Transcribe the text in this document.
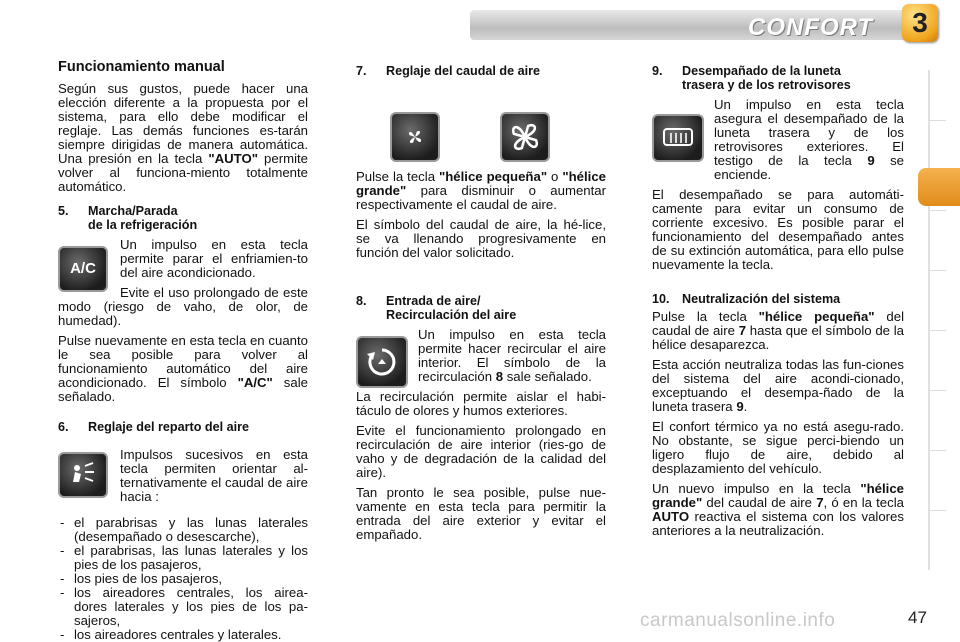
CONFORT	3
Funcionamiento manual

Según sus gustos, puede hacer una elección diferente a la propuesta por el sistema, para ello debe modificar el reglaje. Las demás funciones es-tarán siempre dirigidas de manera automática. Una presión en la tecla "AUTO" permite volver al funciona-miento totalmente automático.

5.	Marcha/Parada
de la refrigeración
A/C

Un impulso en esta tecla permite parar el enfriamien-to del aire acondicionado.

Evite el uso prolongado de este modo (riesgo de vaho, de olor, de humedad).

Pulse nuevamente en esta tecla en cuanto le sea posible para volver al funcionamiento automático del aire acondicionado. El símbolo "A/C" sale señalado.

6.	Reglaje del reparto del aire

Impulsos sucesivos en esta tecla permiten orientar al-ternativamente el caudal de aire hacia :

- el parabrisas y las lunas laterales (desempañado o desescarche),
- el parabrisas, las lunas laterales y los pies de los pasajeros,
- los pies de los pasajeros,
- los aireadores centrales, los airea-dores laterales y los pies de los pa-sajeros,
- los aireadores centrales y laterales.
7.	Reglaje del caudal de aire

Pulse la tecla "hélice pequeña" o "hélice grande" para disminuir o aumentar respectivamente el caudal de aire.

El símbolo del caudal de aire, la hé-lice, se va llenando progresivamente en función del valor solicitado.

8.	Entrada de aire/
Recirculación del aire

Un impulso en esta tecla permite hacer recircular el aire interior. El símbolo de la recirculación 8 sale señalado.

La recirculación permite aislar el habi-táculo de olores y humos exteriores.

Evite el funcionamiento prolongado en recirculación de aire interior (ries-go de vaho y de degradación de la calidad del aire).

Tan pronto le sea posible, pulse nue-vamente en esta tecla para permitir la entrada del aire exterior y evitar el empañado.

9.	Desempañado de la luneta
trasera y de los retrovisores

Un impulso en esta tecla asegura el desempañado de la luneta trasera y de los retrovisores exteriores. El testigo de la tecla 9 se enciende.

El desempañado se para automáti-camente para evitar un consumo de corriente excesivo. Es posible parar el funcionamiento del desempañado antes de su extinción automática, para ello pulse nuevamente la tecla.

10. Neutralización del sistema

Pulse la tecla "hélice pequeña" del caudal de aire 7 hasta que el símbolo de la hélice desaparezca.

Esta acción neutraliza todas las fun-ciones del sistema del aire acondi-cionado, exceptuando el desempa-ñado de la luneta trasera 9.

El confort térmico ya no está asegu-rado. No obstante, se sigue perci-biendo un ligero flujo de aire, debido al desplazamiento del vehículo.

Un nuevo impulso en la tecla "hélice grande" del caudal de aire 7, ó en la tecla AUTO reactiva el sistema con los valores anteriores a la neutralización.

carmanualsonline.info	47
